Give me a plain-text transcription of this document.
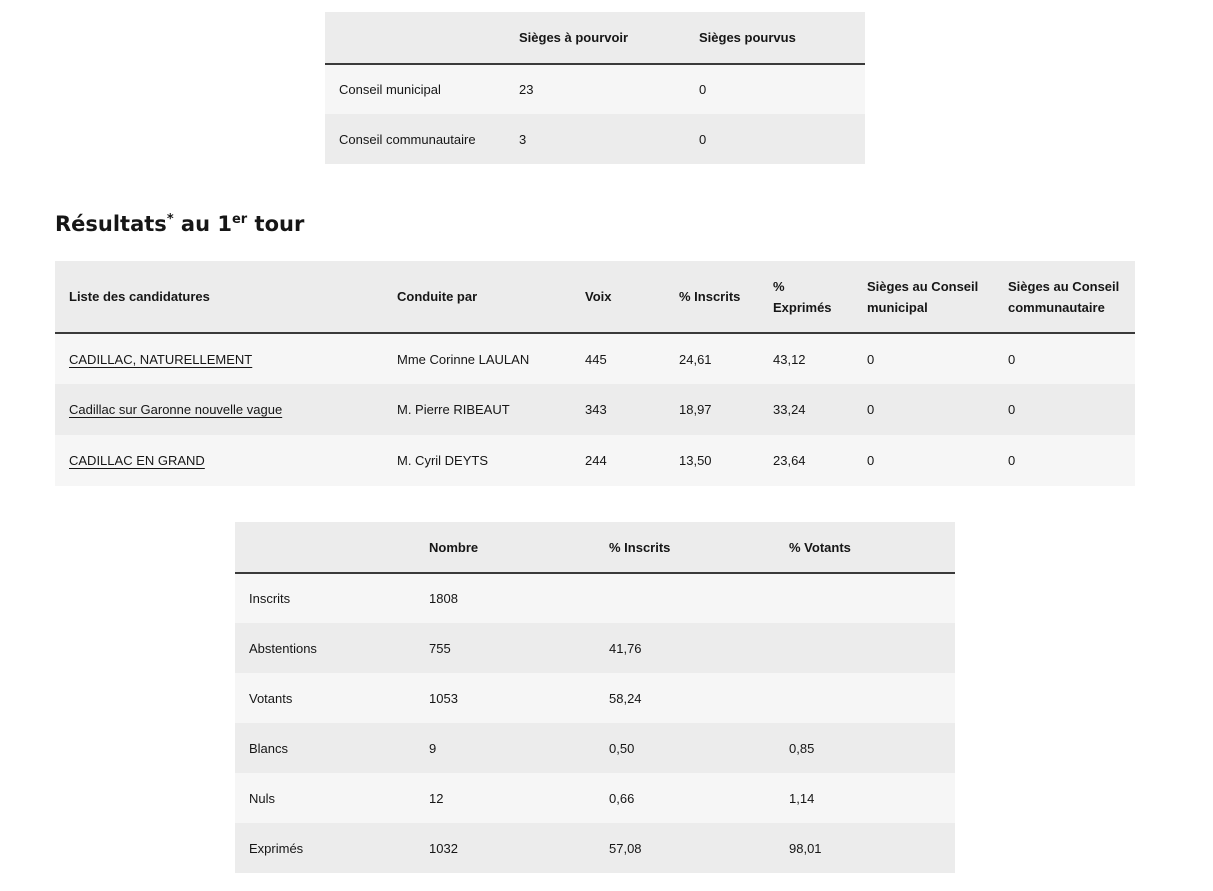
	Sièges à pourvoir	Sièges pourvus
Conseil municipal	23	0
Conseil communautaire	3	0
Résultats* au 1er tour
Liste des candidatures	Conduite par	Voix	% Inscrits	% Exprimés	Sièges au Conseil municipal	Sièges au Conseil communautaire
CADILLAC, NATURELLEMENT	Mme Corinne LAULAN	445	24,61	43,12	0	0
Cadillac sur Garonne nouvelle vague	M. Pierre RIBEAUT	343	18,97	33,24	0	0
CADILLAC EN GRAND	M. Cyril DEYTS	244	13,50	23,64	0	0
	Nombre	% Inscrits	% Votants
Inscrits	1808		
Abstentions	755	41,76	
Votants	1053	58,24	
Blancs	9	0,50	0,85
Nuls	12	0,66	1,14
Exprimés	1032	57,08	98,01
